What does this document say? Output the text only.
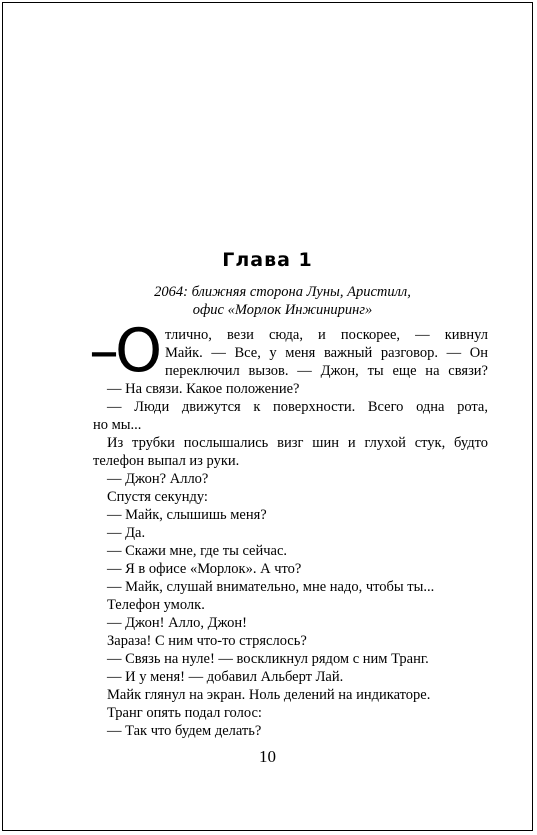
Глава 1
2064: ближняя сторона Луны, Аристилл,
офис «Морлок Инжиниринг»
–О тлично, вези сюда, и поскорее, — кивнул
Майк. — Все, у меня важный разговор. — Он
переключил вызов. — Джон, ты еще на связи?
— На связи. Какое положение?
— Люди движутся к поверхности. Всего одна рота,
но мы...
Из трубки послышались визг шин и глухой стук, будто
телефон выпал из руки.
— Джон? Алло?
Спустя секунду:
— Майк, слышишь меня?
— Да.
— Скажи мне, где ты сейчас.
— Я в офисе «Морлок». А что?
— Майк, слушай внимательно, мне надо, чтобы ты...
Телефон умолк.
— Джон! Алло, Джон!
Зараза! С ним что-то стряслось?
— Связь на нуле! — воскликнул рядом с ним Транг.
— И у меня! — добавил Альберт Лай.
Майк глянул на экран. Ноль делений на индикаторе.
Транг опять подал голос:
— Так что будем делать?
10
